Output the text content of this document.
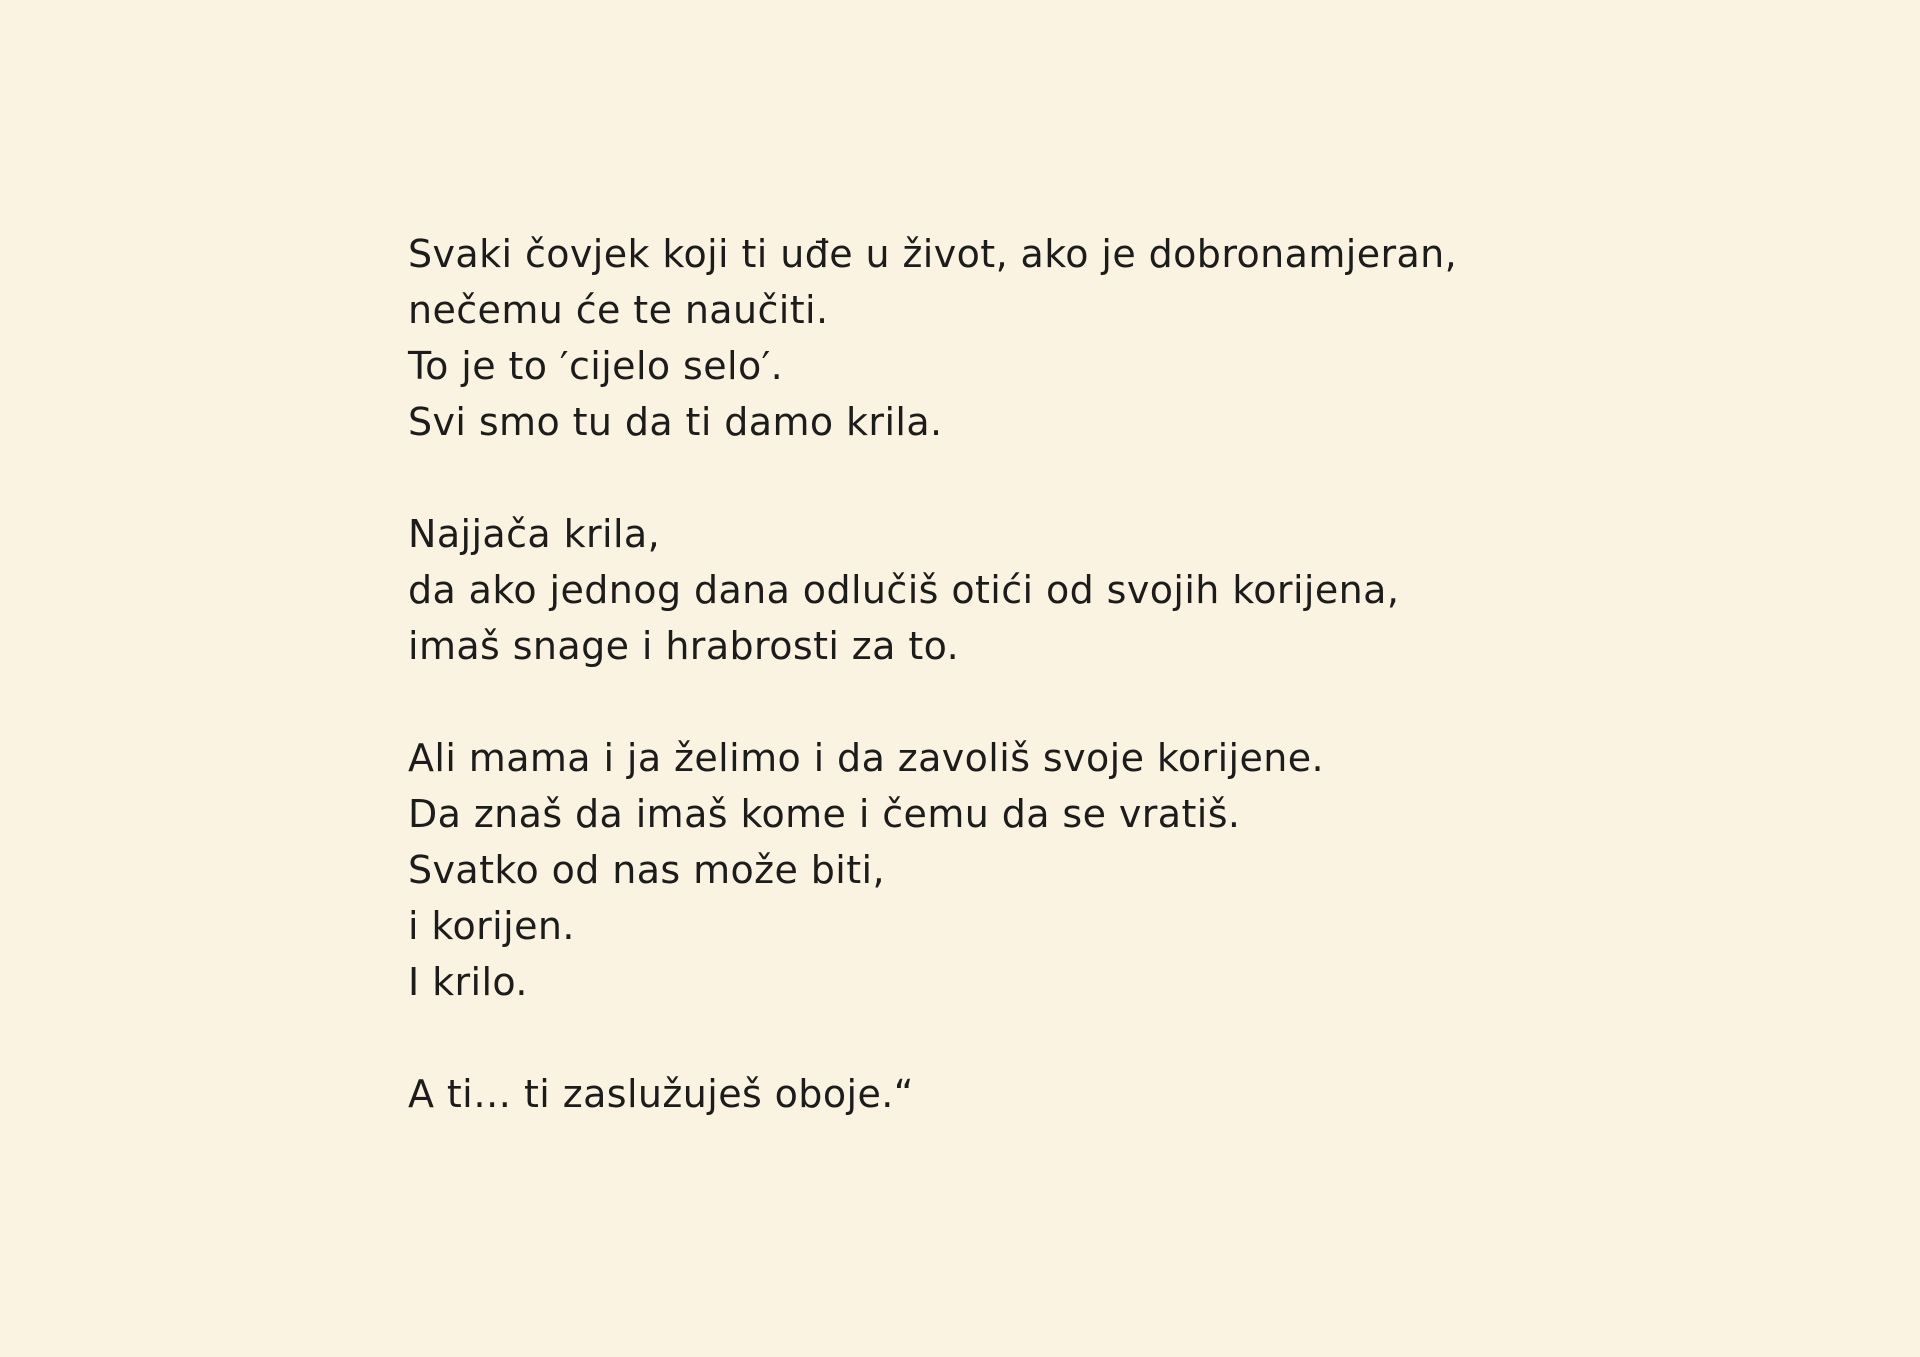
Svaki čovjek koji ti uđe u život, ako je dobronamjeran,
nečemu će te naučiti.
To je to ′cijelo selo′.
Svi smo tu da ti damo krila.

Najjača krila,
da ako jednog dana odlučiš otići od svojih korijena,
imaš snage i hrabrosti za to.

Ali mama i ja želimo i da zavoliš svoje korijene.
Da znaš da imaš kome i čemu da se vratiš.
Svatko od nas može biti,
i korijen.
I krilo.

A ti… ti zaslužuješ oboje.“
